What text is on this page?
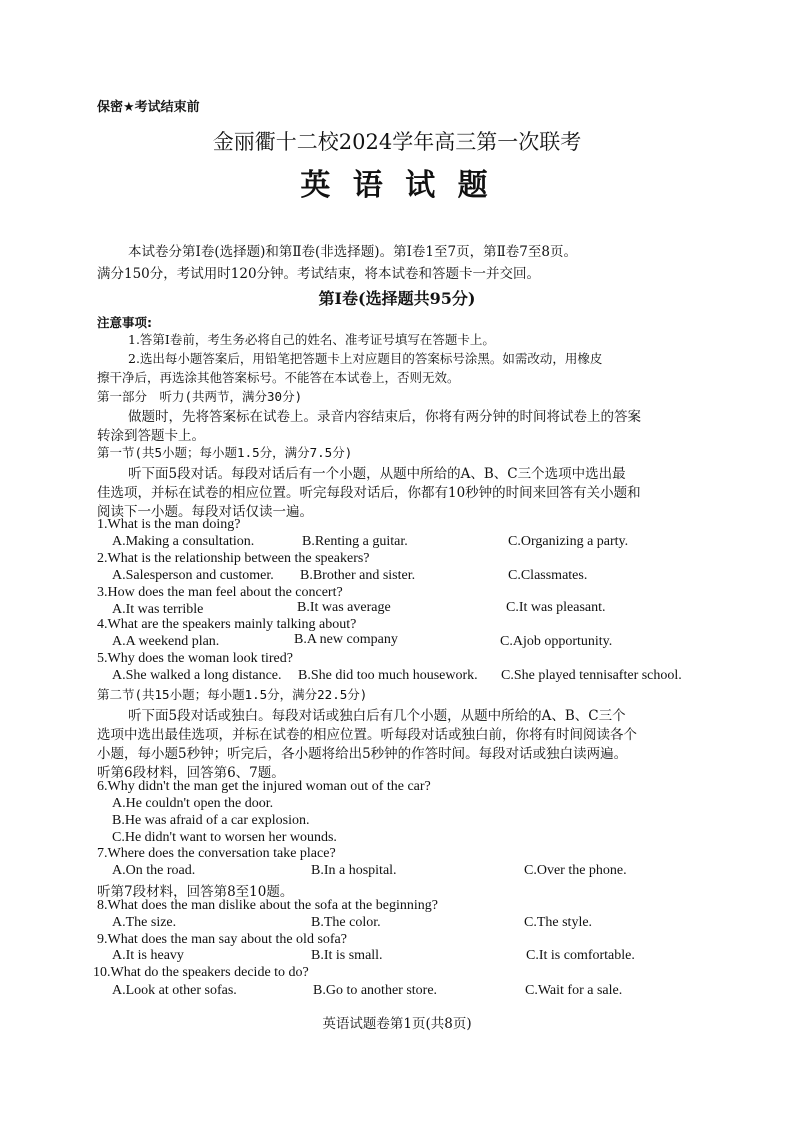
保密★考试结束前
金丽衢十二校2024学年高三第一次联考
英 语 试 题
本试卷分第Ⅰ卷(选择题)和第Ⅱ卷(非选择题)。第Ⅰ卷1至7页，第Ⅱ卷7至8页。
满分150分，考试用时120分钟。考试结束，将本试卷和答题卡一并交回。
第Ⅰ卷(选择题共95分)
注意事项:
1.答第Ⅰ卷前，考生务必将自己的姓名、准考证号填写在答题卡上。
2.选出每小题答案后，用铅笔把答题卡上对应题目的答案标号涂黑。如需改动，用橡皮
擦干净后，再选涂其他答案标号。不能答在本试卷上，否则无效。
第一部分　听力(共两节，满分30分)
做题时，先将答案标在试卷上。录音内容结束后，你将有两分钟的时间将试卷上的答案
转涂到答题卡上。
第一节(共5小题；每小题1.5分，满分7.5分)
听下面5段对话。每段对话后有一个小题，从题中所给的A、B、C三个选项中选出最
佳选项，并标在试卷的相应位置。听完每段对话后，你都有10秒钟的时间来回答有关小题和
阅读下一小题。每段对话仅读一遍。
1.What is the man doing?
A.Making a consultation.	B.Renting a guitar.	C.Organizing a party.
2.What is the relationship between the speakers?
A.Salesperson and customer. B.Brother and sister.	C.Classmates.
3.How does the man feel about the concert?
A.It was terrible	B.It was average	C.It was pleasant.
4.What are the speakers mainly talking about?
A.A weekend plan.	B.A new company	C.Ajob opportunity.
5.Why does the woman look tired?
A.She walked a long distance. B.She did too much housework. C.She played tennisafter school.
第二节(共15小题；每小题1.5分，满分22.5分)
听下面5段对话或独白。每段对话或独白后有几个小题，从题中所给的A、B、C三个
选项中选出最佳选项，并标在试卷的相应位置。听每段对话或独白前，你将有时间阅读各个
小题，每小题5秒钟；听完后，各小题将给出5秒钟的作答时间。每段对话或独白读两遍。
听第6段材料，回答第6、7题。
6.Why didn't the man get the injured woman out of the car?
A.He couldn't open the door.
B.He was afraid of a car explosion.
C.He didn't want to worsen her wounds.
7.Where does the conversation take place?
A.On the road.	B.In a hospital.	C.Over the phone.
听第7段材料，回答第8至10题。
8.What does the man dislike about the sofa at the beginning?
A.The size.	B.The color.	C.The style.
9.What does the man say about the old sofa?
A.It is heavy	B.It is small.	C.It is comfortable.
10.What do the speakers decide to do?
A.Look at other sofas.	B.Go to another store.	C.Wait for a sale.
英语试题卷第1页(共8页)
